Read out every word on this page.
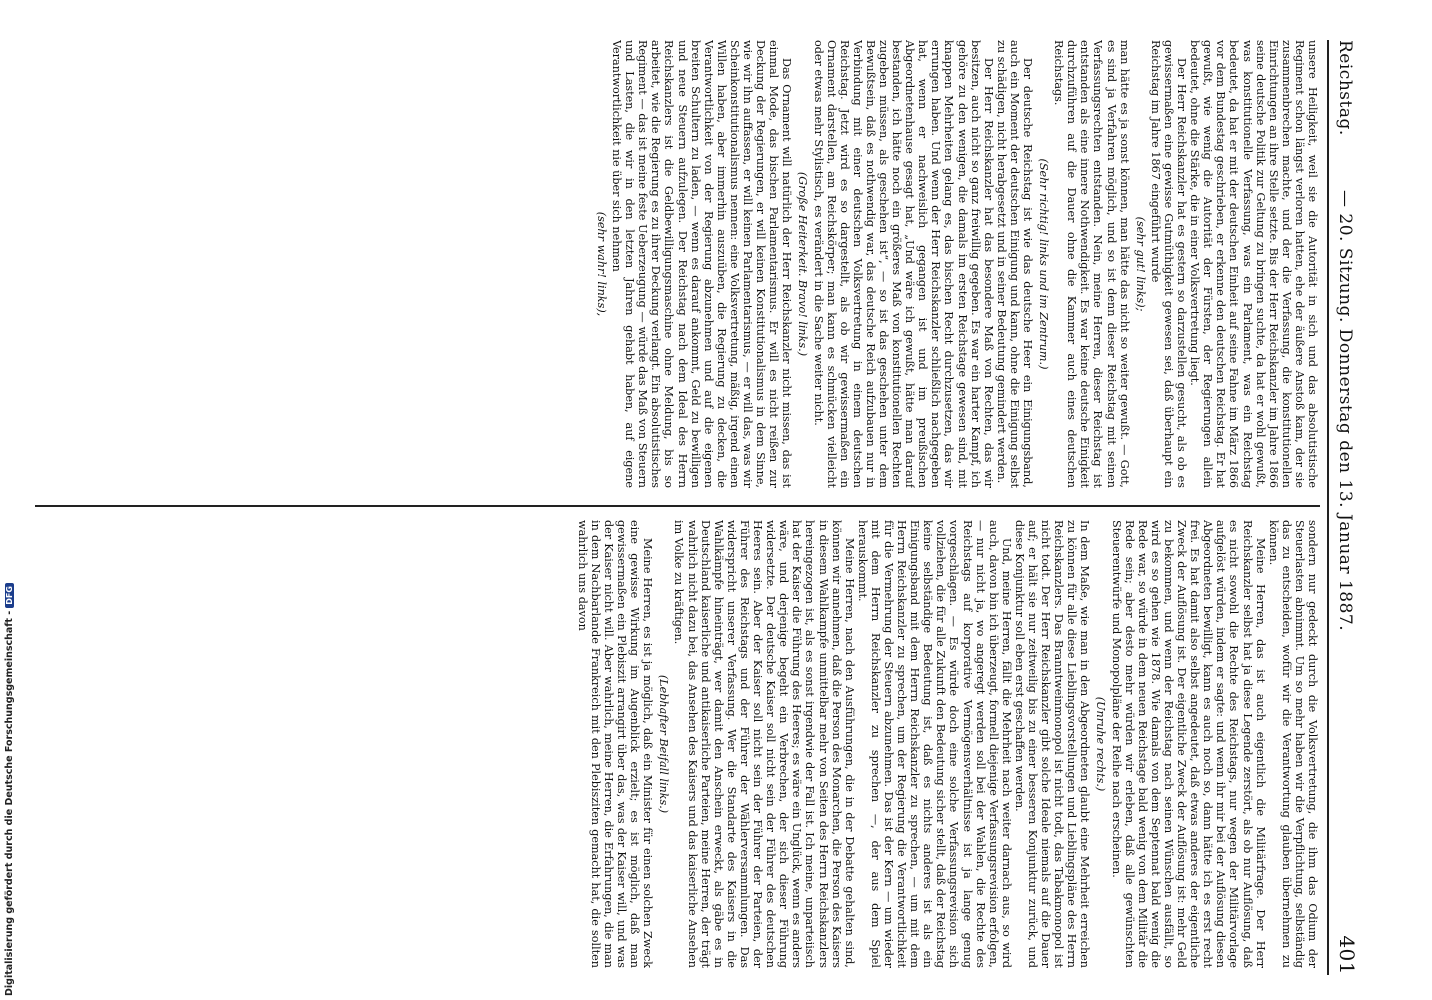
Reichstag.
— 20. Sitzung. Donnerstag den 13. Januar 1887.
401

unsere Heiligkeit, weil sie die Autorität in sich und das absolutistische Regiment schon längst verloren hatten, ehe der äußere Anstoß kam, der sie zusammenbrechen machte, und der die Verfassung, die konstitutionellen Einrichtungen an ihre Stelle setzte. Bis der Herr Reichskanzler im Jahre 1866 seine deutsche Politik zur Geltung zu bringen suchte, da hat er wohl gewußt, was konstitutionelle Verfassung, was ein Parlament, was ein Reichstag bedeutet, da hat er mit der deutschen Einheit auf seine Fahne im März 1866 vor dem Bundestag geschrieben, er erkenne den deutschen Reichstag. Er hat gewußt, wie wenig die Autorität der Fürsten, der Regierungen allein bedeutet, ohne die Stärke, die in einer Volksvertretung liegt.

Der Herr Reichskanzler hat es gestern so darzustellen gesucht, als ob es gewissermaßen eine gewisse Gutmüthigkeit gewesen sei, daß überhaupt ein Reichstag im Jahre 1867 eingeführt wurde

(sehr gut! links);

man hätte es ja sonst können, man hätte das nicht so weiter gewußt. — Gott, es sind ja Verfahren möglich, und so ist denn dieser Reichstag mit seinen Verfassungsrechten entstanden. Nein, meine Herren, dieser Reichstag ist entstanden als eine innere Nothwendigkeit. Es war keine deutsche Einigkeit durchzuführen auf die Dauer ohne die Kammer auch eines deutschen Reichstags.

(Sehr richtig! links und im Zentrum.)

Der deutsche Reichstag ist wie das deutsche Heer ein Einigungsband, auch ein Moment der deutschen Einigung und kann, ohne die Einigung selbst zu schädigen, nicht herabgesetzt und in seiner Bedeutung gemindert werden.

Der Herr Reichskanzler hat das besondere Maß von Rechten, das wir besitzen, auch nicht so ganz freiwillig gegeben. Es war ein harter Kampf, ich gehöre zu den wenigen, die damals im ersten Reichstage gewesen sind, mit knappen Mehrheiten gelang es, das bischen Recht durchzusetzen, das wir errungen haben. Und wenn der Herr Reichskanzler schließlich nachgegeben hat, wenn er nachweislich gegangen ist und im preußischen Abgeordnetenhause gesagt hat, „Und wäre ich gewußt, hätte man darauf bestanden, ich hätte noch ein größeres Maß von konstitutionellen Rechten zugeben müssen, als geschehen ist“, — so ist das geschehen unter dem Bewußtsein, daß es nothwendig war, das deutsche Reich aufzubauen nur in Verbindung mit einer deutschen Volksvertretung in einem deutschen Reichstag. Jetzt wird es so dargestellt, als ob wir gewissermaßen ein Ornament darstellen, am Reichskörper; man kann es schmücken vielleicht oder etwas mehr Stylistisch, es verändert in die Sache weiter nicht.

(Große Heiterkeit. Bravo! links.)

Das Ornament will natürlich der Herr Reichskanzler nicht missen, das ist einmal Mode, das bischen Parlamentarismus. Er will es nicht reißen zur Deckung der Regierungen, er will keinen Konstitutionalismus in dem Sinne, wie wir ihn auffassen, er will keinen Parlamentarismus, — er will das, was wir Scheinkonstitutionalismus nennen: eine Volksvertretung, mäßig, irgend einen Willen haben, aber immerhin auszuüben, die Regierung zu decken, die Verantwortlichkeit von der Regierung abzunehmen und auf die eigenen breiten Schultern zu laden, — wenn es darauf ankommt, Geld zu bewilligen und neue Steuern aufzulegen. Der Reichstag nach dem Ideal des Herrn Reichskanzlers ist die Geldbewilligungsmaschine ohne Meldung, bis so arbeitet, wie die Regierung es zu ihrer Deckung verlangt. Ein absolutistisches Regiment — das ist meine feste Ueberzeugung — würde das Maß von Steuern und Lasten, die wir in den letzten Jahren gehabt haben, auf eigene Verantwortlichkeit nie über sich nehmen

(sehr wahr! links),

sondern nur gedeckt durch die Volksvertretung, die ihm das Odium der Steuerlasten abnimmt. Um so mehr haben wir die Verpflichtung, selbständig das zu entscheiden, wofür wir die Verantwortung glauben übernehmen zu können.

Meine Herren, das ist auch eigentlich die Militärfrage. Der Herr Reichskanzler selbst hat ja diese Legende zerstört, als ob nur Auflösung, daß es nicht sowohl die Rechte des Reichstags, nur wegen der Militärvorlage aufgelöst würden, indem er sagte: und wenn ihr mir bei der Auflösung diesen Abgeordneten bewilligt, kann es auch noch so, dann hätte ich es erst recht frei. Es hat damit also selbst angedeutet, daß etwas anderes der eigentliche Zweck der Auflösung ist. Der eigentliche Zweck der Auflösung ist: mehr Geld zu bekommen, und wenn der Reichstag nach seinen Wünschen ausfällt, so wird es so gehen wie 1878. Wie damals von dem Septennat bald wenig die Rede war, so würde in dem neuen Reichstage bald wenig von dem Militär die Rede sein; aber desto mehr würden wir erleben, daß alle gewünschten Steuerentwürfe und Monopolpläne der Reihe nach erscheinen.

(Unruhe rechts.)

In dem Maße, wie man in den Abgeordneten glaubt eine Mehrheit erreichen zu können für alle diese Lieblingsvorstellungen und Lieblingspläne des Herrn Reichskanzlers. Das Branntweinmonopol ist nicht todt, das Tabakmonopol ist nicht todt. Der Herr Reichskanzler gibt solche Ideale niemals auf die Dauer auf; er hält sie nur zeitweilig bis zu einer besseren Konjunktur zurück, und diese Konjunktur soll eben erst geschaffen werden.

Und, meine Herren, fällt die Mehrheit nach weiter darnach aus, so wird auch, davon bin ich überzeugt, formell diejenige Verfassungsrevision erfolgen, — nur nicht ja, wo angeregt werden soll bei der Wahlen, die Rechte des Reichstags auf korporative Vermögensverhältnisse ist ja lange genug vorgeschlagen. — Es würde doch eine solche Verfassungsrevision sich vollziehen, die für alle Zukunft den Bedeutung sicher stellt, daß der Reichstag keine selbständige Bedeutung ist, daß es nichts anderes ist als ein Einigungsband mit dem Herrn Reichskanzler zu sprechen, — um mit dem Herrn Reichskanzler zu sprechen, um der Regierung die Verantwortlichkeit für die Vermehrung der Steuern abzunehmen. Das ist der Kern — um wieder mit dem Herrn Reichskanzler zu sprechen —, der aus dem Spiel herauskommt.

Meine Herren, nach den Ausführungen, die in der Debatte gehalten sind, können wir annehmen, daß die Person des Monarchen, die Person des Kaisers in diesem Wahlkampfe unmittelbar mehr von Seiten des Herrn Reichskanzlers hereingezogen ist, als es sonst irgendwie der Fall ist. Ich meine, unparteiisch hat der Kaiser die Führung des Heeres; es wäre ein Unglück, wenn es anders wäre, und derjenige begeht ein Verbrechen, der sich dieser Führung widersetzte. Der deutsche Kaiser soll nicht sein der Führer des deutschen Heeres sein. Aber der Kaiser soll nicht sein der Führer der Parteien, der Führer des Reichstags und der Führer der Wählerversammlungen. Das widerspricht unserer Verfassung. Wer die Standarte des Kaisers in die Wahlkämpfe hineinträgt, wer damit den Anschein erweckt, als gäbe es in Deutschland kaiserliche und antikaiserliche Parteien, meine Herren, der trägt wahrlich nicht dazu bei, das Ansehen des Kaisers und das kaiserliche Ansehen im Volke zu kräftigen.

(Lebhafter Beifall links.)

Meine Herren, es ist ja möglich, daß ein Minister für einen solchen Zweck eine gewisse Wirkung im Augenblick erzielt; es ist möglich, daß man gewissermaßen ein Plebiszit arrangirt über das, was der Kaiser will, und was der Kaiser nicht will. Aber wahrlich, meine Herren, die Erfahrungen, die man in dem Nachbarlande Frankreich mit den Plebisziten gemacht hat, die sollten wahrlich uns davon

Digitalisierung gefördert durch die Deutsche Forschungsgemeinschaft -DFG
